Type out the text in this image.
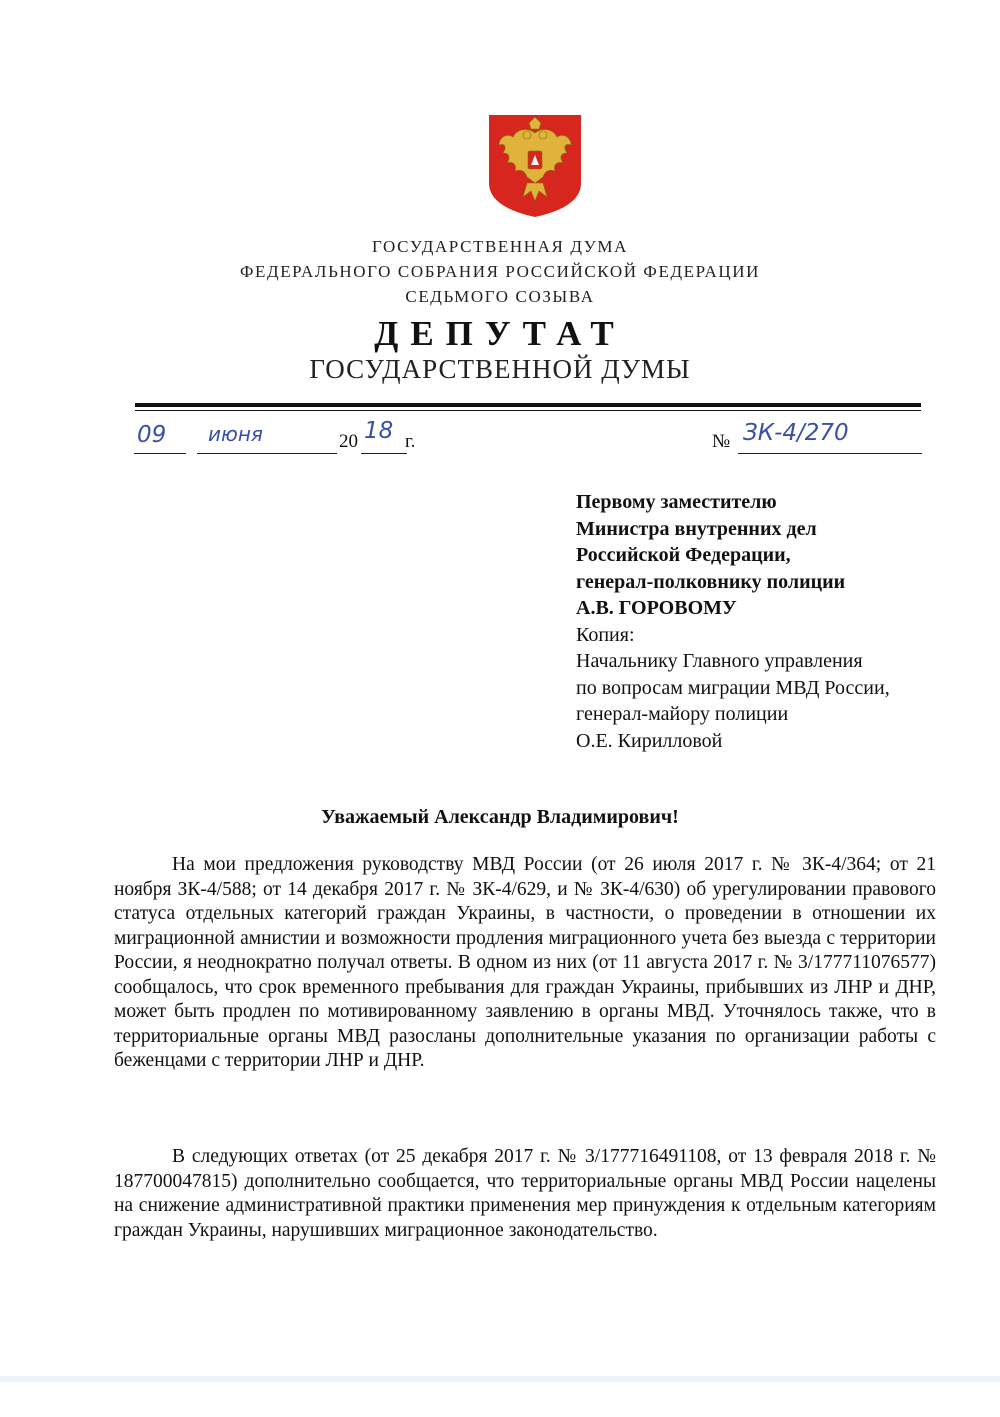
ГОСУДАРСТВЕННАЯ ДУМА
ФЕДЕРАЛЬНОГО СОБРАНИЯ РОССИЙСКОЙ ФЕДЕРАЦИИ
СЕДЬМОГО СОЗЫВА
ДЕПУТАТ
ГОСУДАРСТВЕННОЙ ДУМЫ
09 июня	20 18 г.	№ ЗК-4/270
Первому заместителю
Министра внутренних дел
Российской Федерации,
генерал-полковнику полиции
А.В. ГОРОВОМУ
Копия:
Начальнику Главного управления
по вопросам миграции МВД России,
генерал-майору полиции
О.Е. Кирилловой
Уважаемый Александр Владимирович!
На мои предложения руководству МВД России (от 26 июля 2017 г. № ЗК-4/364; от 21 ноября ЗК-4/588; от 14 декабря 2017 г. № ЗК-4/629, и № ЗК-4/630) об урегулировании правового статуса отдельных категорий граждан Украины, в частности, о проведении в отношении их миграционной амнистии и возможности продления миграционного учета без выезда с территории России, я неоднократно получал ответы. В одном из них (от 11 августа 2017 г. № 3/177711076577) сообщалось, что срок временного пребывания для граждан Украины, прибывших из ЛНР и ДНР, может быть продлен по мотивированному заявлению в органы МВД. Уточнялось также, что в территориальные органы МВД разосланы дополнительные указания по организации работы с беженцами с территории ЛНР и ДНР.
В следующих ответах (от 25 декабря 2017 г. № 3/177716491108, от 13 февраля 2018 г. № 187700047815) дополнительно сообщается, что территориальные органы МВД России нацелены на снижение административной практики применения мер принуждения к отдельным категориям граждан Украины, нарушивших миграционное законодательство.
